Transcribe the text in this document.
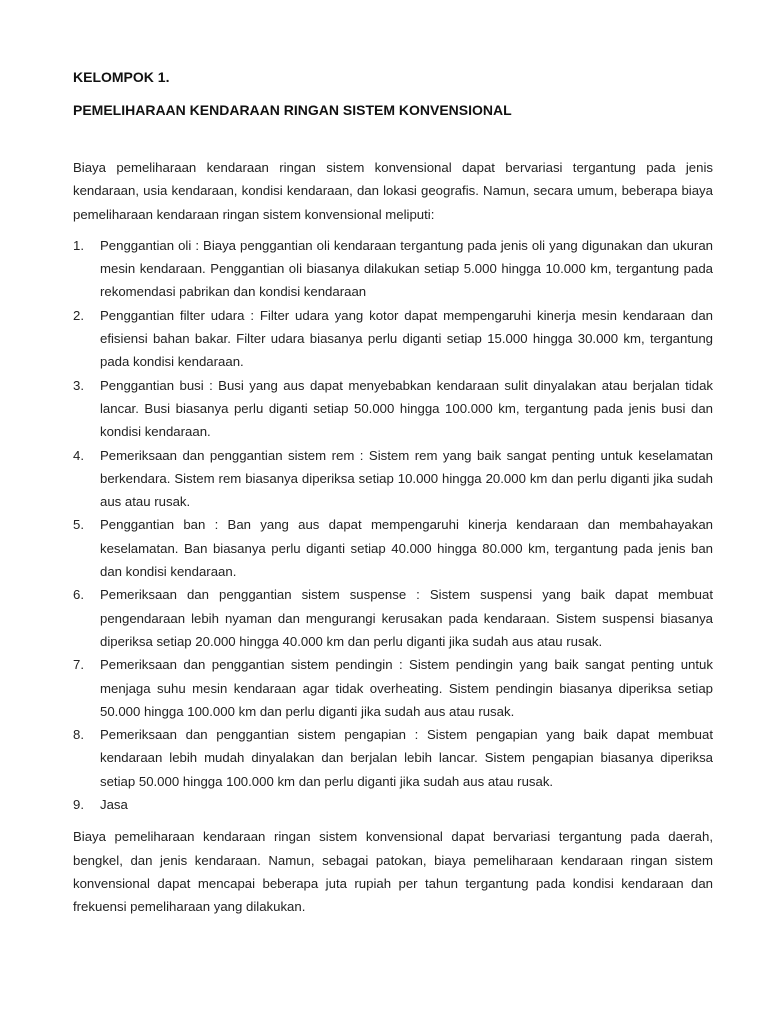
KELOMPOK 1.

PEMELIHARAAN KENDARAAN RINGAN SISTEM KONVENSIONAL

Biaya pemeliharaan kendaraan ringan sistem konvensional dapat bervariasi tergantung pada jenis kendaraan, usia kendaraan, kondisi kendaraan, dan lokasi geografis. Namun, secara umum, beberapa biaya pemeliharaan kendaraan ringan sistem konvensional meliputi:

1. Penggantian oli : Biaya penggantian oli kendaraan tergantung pada jenis oli yang digunakan dan ukuran mesin kendaraan. Penggantian oli biasanya dilakukan setiap 5.000 hingga 10.000 km, tergantung pada rekomendasi pabrikan dan kondisi kendaraan
2. Penggantian filter udara : Filter udara yang kotor dapat mempengaruhi kinerja mesin kendaraan dan efisiensi bahan bakar. Filter udara biasanya perlu diganti setiap 15.000 hingga 30.000 km, tergantung pada kondisi kendaraan.
3. Penggantian busi : Busi yang aus dapat menyebabkan kendaraan sulit dinyalakan atau berjalan tidak lancar. Busi biasanya perlu diganti setiap 50.000 hingga 100.000 km, tergantung pada jenis busi dan kondisi kendaraan.
4. Pemeriksaan dan penggantian sistem rem : Sistem rem yang baik sangat penting untuk keselamatan berkendara. Sistem rem biasanya diperiksa setiap 10.000 hingga 20.000 km dan perlu diganti jika sudah aus atau rusak.
5. Penggantian ban : Ban yang aus dapat mempengaruhi kinerja kendaraan dan membahayakan keselamatan. Ban biasanya perlu diganti setiap 40.000 hingga 80.000 km, tergantung pada jenis ban dan kondisi kendaraan.
6. Pemeriksaan dan penggantian sistem suspense : Sistem suspensi yang baik dapat membuat pengendaraan lebih nyaman dan mengurangi kerusakan pada kendaraan. Sistem suspensi biasanya diperiksa setiap 20.000 hingga 40.000 km dan perlu diganti jika sudah aus atau rusak.
7. Pemeriksaan dan penggantian sistem pendingin : Sistem pendingin yang baik sangat penting untuk menjaga suhu mesin kendaraan agar tidak overheating. Sistem pendingin biasanya diperiksa setiap 50.000 hingga 100.000 km dan perlu diganti jika sudah aus atau rusak.
8. Pemeriksaan dan penggantian sistem pengapian : Sistem pengapian yang baik dapat membuat kendaraan lebih mudah dinyalakan dan berjalan lebih lancar. Sistem pengapian biasanya diperiksa setiap 50.000 hingga 100.000 km dan perlu diganti jika sudah aus atau rusak.
9. Jasa

Biaya pemeliharaan kendaraan ringan sistem konvensional dapat bervariasi tergantung pada daerah, bengkel, dan jenis kendaraan. Namun, sebagai patokan, biaya pemeliharaan kendaraan ringan sistem konvensional dapat mencapai beberapa juta rupiah per tahun tergantung pada kondisi kendaraan dan frekuensi pemeliharaan yang dilakukan.
